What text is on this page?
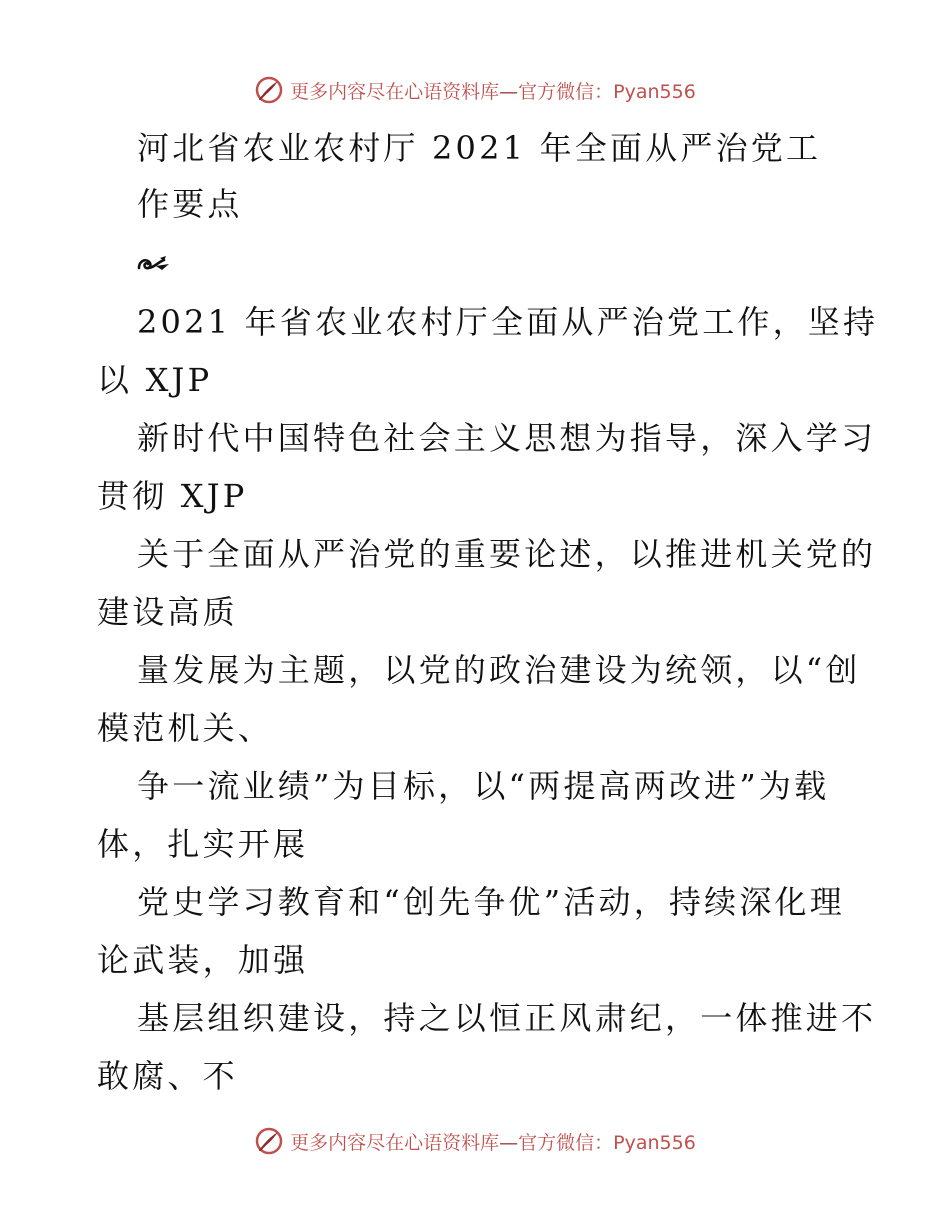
更多内容尽在心语资料库—官方微信：Pyan556
河北省农业农村厅 2021 年全面从严治党工
作要点
2021 年省农业农村厅全面从严治党工作，坚持
以 XJP
新时代中国特色社会主义思想为指导，深入学习
贯彻 XJP
关于全面从严治党的重要论述，以推进机关党的
建设高质
量发展为主题，以党的政治建设为统领，以“创
模范机关、
争一流业绩”为目标，以“两提高两改进”为载
体，扎实开展
党史学习教育和“创先争优”活动，持续深化理
论武装，加强
基层组织建设，持之以恒正风肃纪，一体推进不
敢腐、不
更多内容尽在心语资料库—官方微信：Pyan556
